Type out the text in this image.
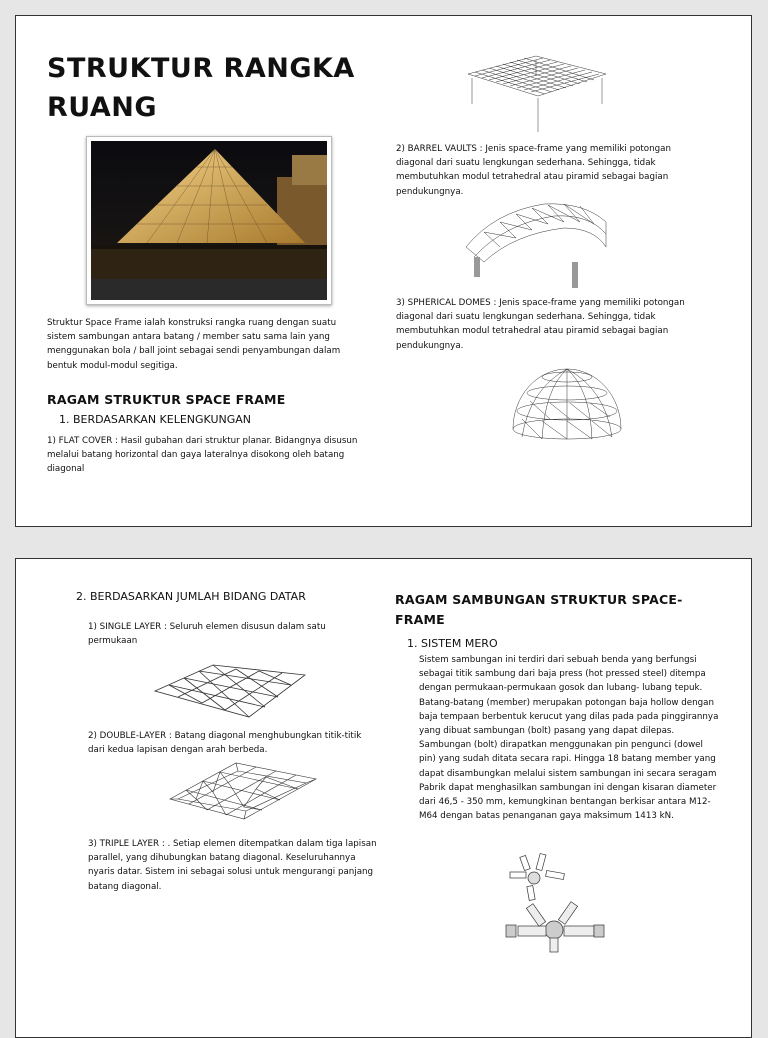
STRUKTUR RANGKA
RUANG
Struktur Space Frame ialah konstruksi rangka ruang dengan suatu sistem sambungan antara batang / member satu sama lain yang menggunakan bola / ball joint sebagai sendi penyambungan dalam bentuk modul-modul segitiga.
RAGAM STRUKTUR SPACE FRAME
1. BERDASARKAN KELENGKUNGAN
1) FLAT COVER : Hasil gubahan dari struktur planar. Bidangnya disusun melalui batang horizontal dan gaya lateralnya disokong oleh batang diagonal
2) BARREL VAULTS : Jenis space-frame yang memiliki potongan diagonal dari suatu lengkungan sederhana. Sehingga, tidak membutuhkan modul tetrahedral atau piramid sebagai bagian pendukungnya.
3) SPHERICAL DOMES : Jenis space-frame yang memiliki potongan diagonal dari suatu lengkungan sederhana. Sehingga, tidak membutuhkan modul tetrahedral atau piramid sebagai bagian pendukungnya.
2. BERDASARKAN JUMLAH BIDANG DATAR
1) SINGLE LAYER : Seluruh elemen disusun dalam satu permukaan
2) DOUBLE-LAYER : Batang diagonal menghubungkan titik-titik dari kedua lapisan dengan arah berbeda.
3) TRIPLE LAYER : . Setiap elemen ditempatkan dalam tiga lapisan parallel, yang dihubungkan batang diagonal. Keseluruhannya nyaris datar. Sistem ini sebagai solusi untuk mengurangi panjang batang diagonal.
RAGAM SAMBUNGAN STRUKTUR SPACE-FRAME
1. SISTEM MERO
Sistem sambungan ini terdiri dari sebuah benda yang berfungsi sebagai titik sambung dari baja press (hot pressed steel) ditempa dengan permukaan-permukaan gosok dan lubang- lubang tepuk. Batang-batang (member) merupakan potongan baja hollow dengan baja tempaan berbentuk kerucut yang dilas pada pada pinggirannya yang dibuat sambungan (bolt) pasang yang dapat dilepas. Sambungan (bolt) dirapatkan menggunakan pin pengunci (dowel pin) yang sudah ditata secara rapi. Hingga 18 batang member yang dapat disambungkan melalui sistem sambungan ini secara seragam Pabrik dapat menghasilkan sambungan ini dengan kisaran diameter dari 46,5 - 350 mm, kemungkinan bentangan berkisar antara M12-M64 dengan batas penanganan gaya maksimum 1413 kN.
